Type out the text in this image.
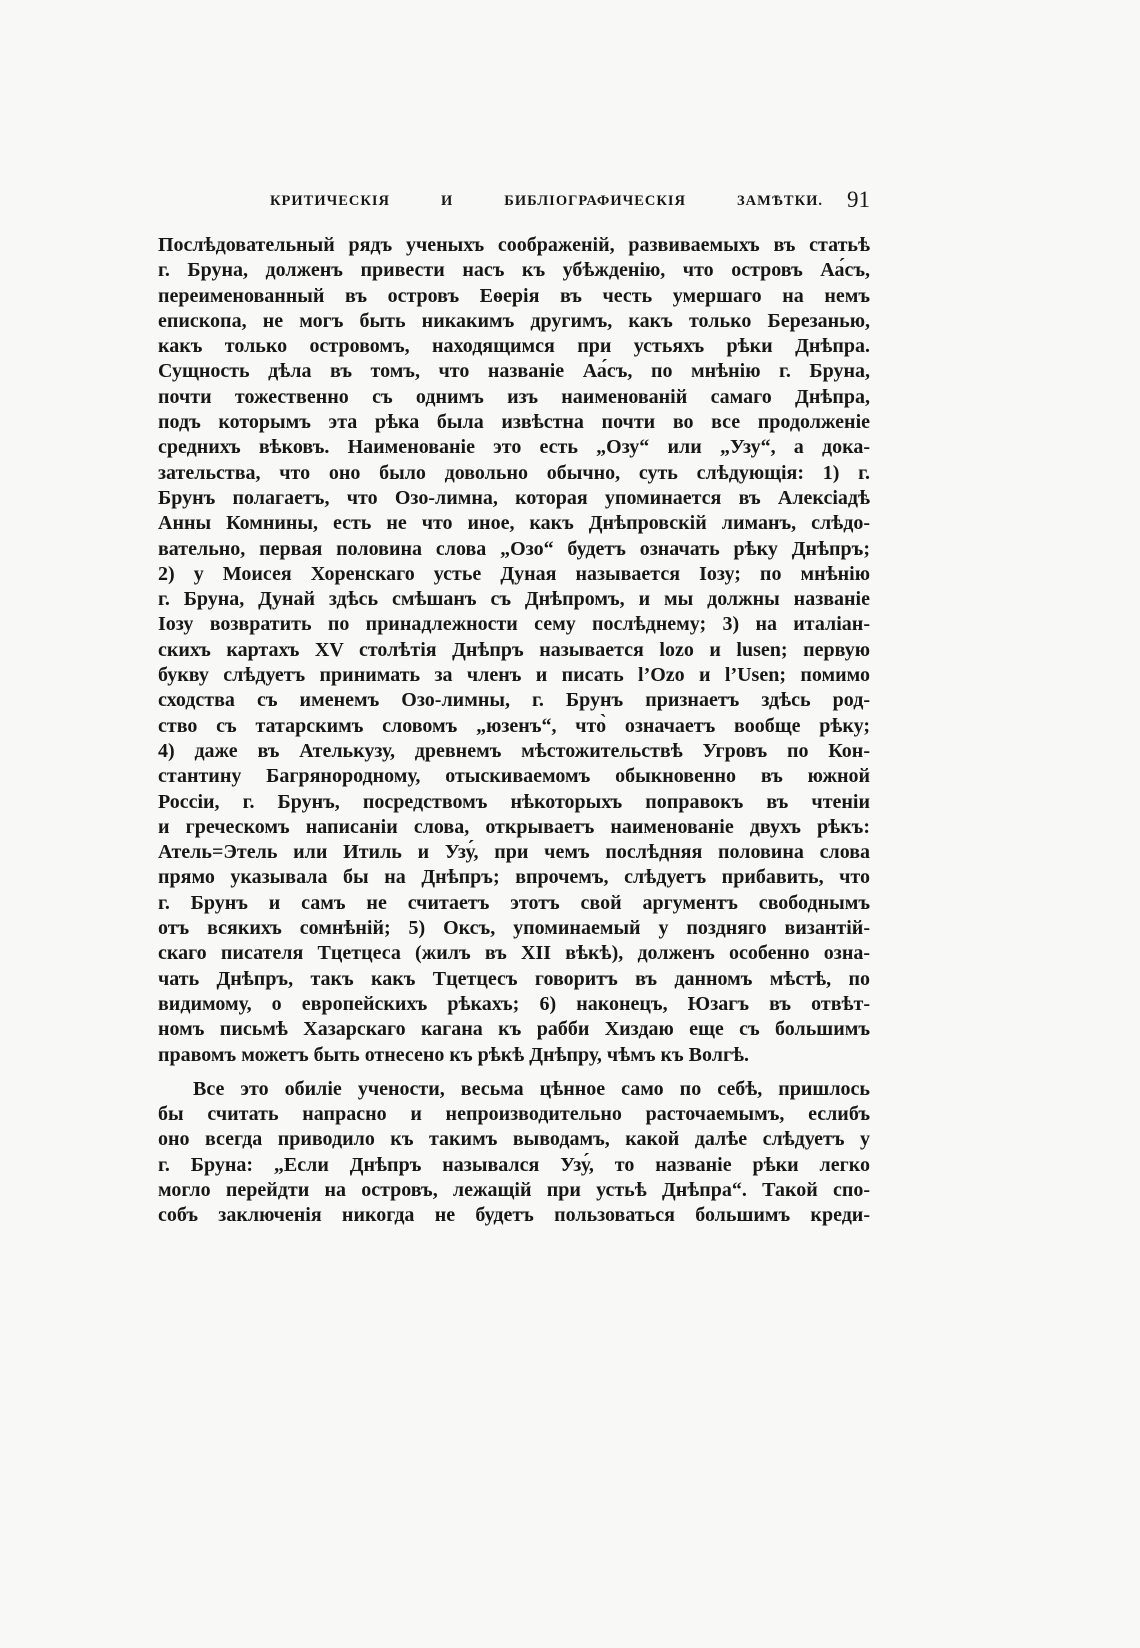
КРИТИЧЕСКІЯ И БИБЛІОГРАФИЧЕСКІЯ ЗАМѢТКИ. 91
Послѣдовательный рядъ ученыхъ соображеній, развиваемыхъ въ статьѣ
г. Бруна, долженъ привести насъ къ убѣжденію, что островъ Аа́съ,
переименованный въ островъ Еѳерія въ честь умершаго на немъ
епископа, не могъ быть никакимъ другимъ, какъ только Березанью,
какъ только островомъ, находящимся при устьяхъ рѣки Днѣпра.
Сущность дѣла въ томъ, что названіе Аа́съ, по мнѣнію г. Бруна,
почти тожественно съ однимъ изъ наименованій самаго Днѣпра,
подъ которымъ эта рѣка была извѣстна почти во все продолженіе
среднихъ вѣковъ. Наименованіе это есть „Озу“ или „Узу“, а дока-
зательства, что оно было довольно обычно, суть слѣдующія: 1) г.
Брунъ полагаетъ, что Озо-лимна, которая упоминается въ Алексіадѣ
Анны Комнины, есть не что иное, какъ Днѣпровскій лиманъ, слѣдо-
вательно, первая половина слова „Озо“ будетъ означать рѣку Днѣпръ;
2) у Моисея Хоренскаго устье Дуная называется Іозу; по мнѣнію
г. Бруна, Дунай здѣсь смѣшанъ съ Днѣпромъ, и мы должны названіе
Іозу возвратить по принадлежности сему послѣднему; 3) на италіан-
скихъ картахъ XV столѣтія Днѣпръ называется lozo и lusen; первую
букву слѣдуетъ принимать за членъ и писать l’Ozo и l’Usen; помимо
сходства съ именемъ Озо-лимны, г. Брунъ признаетъ здѣсь род-
ство съ татарскимъ словомъ „юзенъ“, что̀ означаетъ вообще рѣку;
4) даже въ Ателькузу, древнемъ мѣстожительствѣ Угровъ по Кон-
стантину Багрянородному, отыскиваемомъ обыкновенно въ южной
Россіи, г. Брунъ, посредствомъ нѣкоторыхъ поправокъ въ чтеніи
и греческомъ написаніи слова, открываетъ наименованіе двухъ рѣкъ:
Атель=Этель или Итиль и Узу́, при чемъ послѣдняя половина слова
прямо указывала бы на Днѣпръ; впрочемъ, слѣдуетъ прибавить, что
г. Брунъ и самъ не считаетъ этотъ свой аргументъ свободнымъ
отъ всякихъ сомнѣній; 5) Оксъ, упоминаемый у поздняго византій-
скаго писателя Тцетцеса (жилъ въ XII вѣкѣ), долженъ особенно озна-
чать Днѣпръ, такъ какъ Тцетцесъ говоритъ въ данномъ мѣстѣ, по
видимому, о европейскихъ рѣкахъ; 6) наконецъ, Юзагъ въ отвѣт-
номъ письмѣ Хазарскаго кагана къ рабби Хиздаю еще съ большимъ
правомъ можетъ быть отнесено къ рѣкѣ Днѣпру, чѣмъ къ Волгѣ.
Все это обиліе учености, весьма цѣнное само по себѣ, пришлось
бы считать напрасно и непроизводительно расточаемымъ, еслибъ
оно всегда приводило къ такимъ выводамъ, какой далѣе слѣдуетъ у
г. Бруна: „Если Днѣпръ назывался Узу́, то названіе рѣки легко
могло перейдти на островъ, лежащій при устьѣ Днѣпра“. Такой спо-
собъ заключенія никогда не будетъ пользоваться большимъ креди-
